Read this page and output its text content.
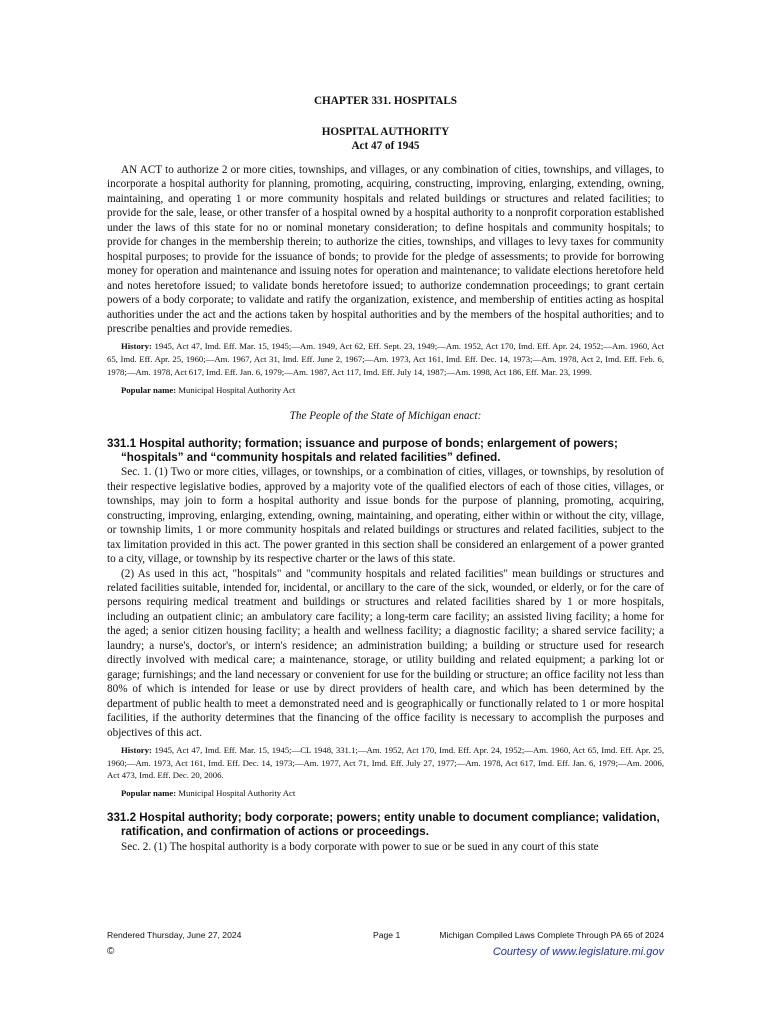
CHAPTER 331. HOSPITALS
HOSPITAL AUTHORITY
Act 47 of 1945

AN ACT to authorize 2 or more cities, townships, and villages, or any combination of cities, townships, and villages, to incorporate a hospital authority for planning, promoting, acquiring, constructing, improving, enlarging, extending, owning, maintaining, and operating 1 or more community hospitals and related buildings or structures and related facilities; to provide for the sale, lease, or other transfer of a hospital owned by a hospital authority to a nonprofit corporation established under the laws of this state for no or nominal monetary consideration; to define hospitals and community hospitals; to provide for changes in the membership therein; to authorize the cities, townships, and villages to levy taxes for community hospital purposes; to provide for the issuance of bonds; to provide for the pledge of assessments; to provide for borrowing money for operation and maintenance and issuing notes for operation and maintenance; to validate elections heretofore held and notes heretofore issued; to validate bonds heretofore issued; to authorize condemnation proceedings; to grant certain powers of a body corporate; to validate and ratify the organization, existence, and membership of entities acting as hospital authorities under the act and the actions taken by hospital authorities and by the members of the hospital authorities; and to prescribe penalties and provide remedies.

History: 1945, Act 47, Imd. Eff. Mar. 15, 1945;—Am. 1949, Act 62, Eff. Sept. 23, 1949;—Am. 1952, Act 170, Imd. Eff. Apr. 24, 1952;—Am. 1960, Act 65, Imd. Eff. Apr. 25, 1960;—Am. 1967, Act 31, Imd. Eff. June 2, 1967;—Am. 1973, Act 161, Imd. Eff. Dec. 14, 1973;—Am. 1978, Act 2, Imd. Eff. Feb. 6, 1978;—Am. 1978, Act 617, Imd. Eff. Jan. 6, 1979;—Am. 1987, Act 117, Imd. Eff. July 14, 1987;—Am. 1998, Act 186, Eff. Mar. 23, 1999.

Popular name: Municipal Hospital Authority Act

The People of the State of Michigan enact:
331.1 Hospital authority; formation; issuance and purpose of bonds; enlargement of powers; “hospitals” and “community hospitals and related facilities” defined.

Sec. 1. (1) Two or more cities, villages, or townships, or a combination of cities, villages, or townships, by resolution of their respective legislative bodies, approved by a majority vote of the qualified electors of each of those cities, villages, or townships, may join to form a hospital authority and issue bonds for the purpose of planning, promoting, acquiring, constructing, improving, enlarging, extending, owning, maintaining, and operating, either within or without the city, village, or township limits, 1 or more community hospitals and related buildings or structures and related facilities, subject to the tax limitation provided in this act. The power granted in this section shall be considered an enlargement of a power granted to a city, village, or township by its respective charter or the laws of this state.

(2) As used in this act, "hospitals" and "community hospitals and related facilities" mean buildings or structures and related facilities suitable, intended for, incidental, or ancillary to the care of the sick, wounded, or elderly, or for the care of persons requiring medical treatment and buildings or structures and related facilities shared by 1 or more hospitals, including an outpatient clinic; an ambulatory care facility; a long-term care facility; an assisted living facility; a home for the aged; a senior citizen housing facility; a health and wellness facility; a diagnostic facility; a shared service facility; a laundry; a nurse's, doctor's, or intern's residence; an administration building; a building or structure used for research directly involved with medical care; a maintenance, storage, or utility building and related equipment; a parking lot or garage; furnishings; and the land necessary or convenient for use for the building or structure; an office facility not less than 80% of which is intended for lease or use by direct providers of health care, and which has been determined by the department of public health to meet a demonstrated need and is geographically or functionally related to 1 or more hospital facilities, if the authority determines that the financing of the office facility is necessary to accomplish the purposes and objectives of this act.

History: 1945, Act 47, Imd. Eff. Mar. 15, 1945;—CL 1948, 331.1;—Am. 1952, Act 170, Imd. Eff. Apr. 24, 1952;—Am. 1960, Act 65, Imd. Eff. Apr. 25, 1960;—Am. 1973, Act 161, Imd. Eff. Dec. 14, 1973;—Am. 1977, Act 71, Imd. Eff. July 27, 1977;—Am. 1978, Act 617, Imd. Eff. Jan. 6, 1979;—Am. 2006, Act 473, Imd. Eff. Dec. 20, 2006.

Popular name: Municipal Hospital Authority Act

331.2 Hospital authority; body corporate; powers; entity unable to document compliance; validation, ratification, and confirmation of actions or proceedings.

Sec. 2. (1) The hospital authority is a body corporate with power to sue or be sued in any court of this state

Rendered Thursday, June 27, 2024	Page 1	Michigan Compiled Laws Complete Through PA 65 of 2024
©	Courtesy of www.legislature.mi.gov
